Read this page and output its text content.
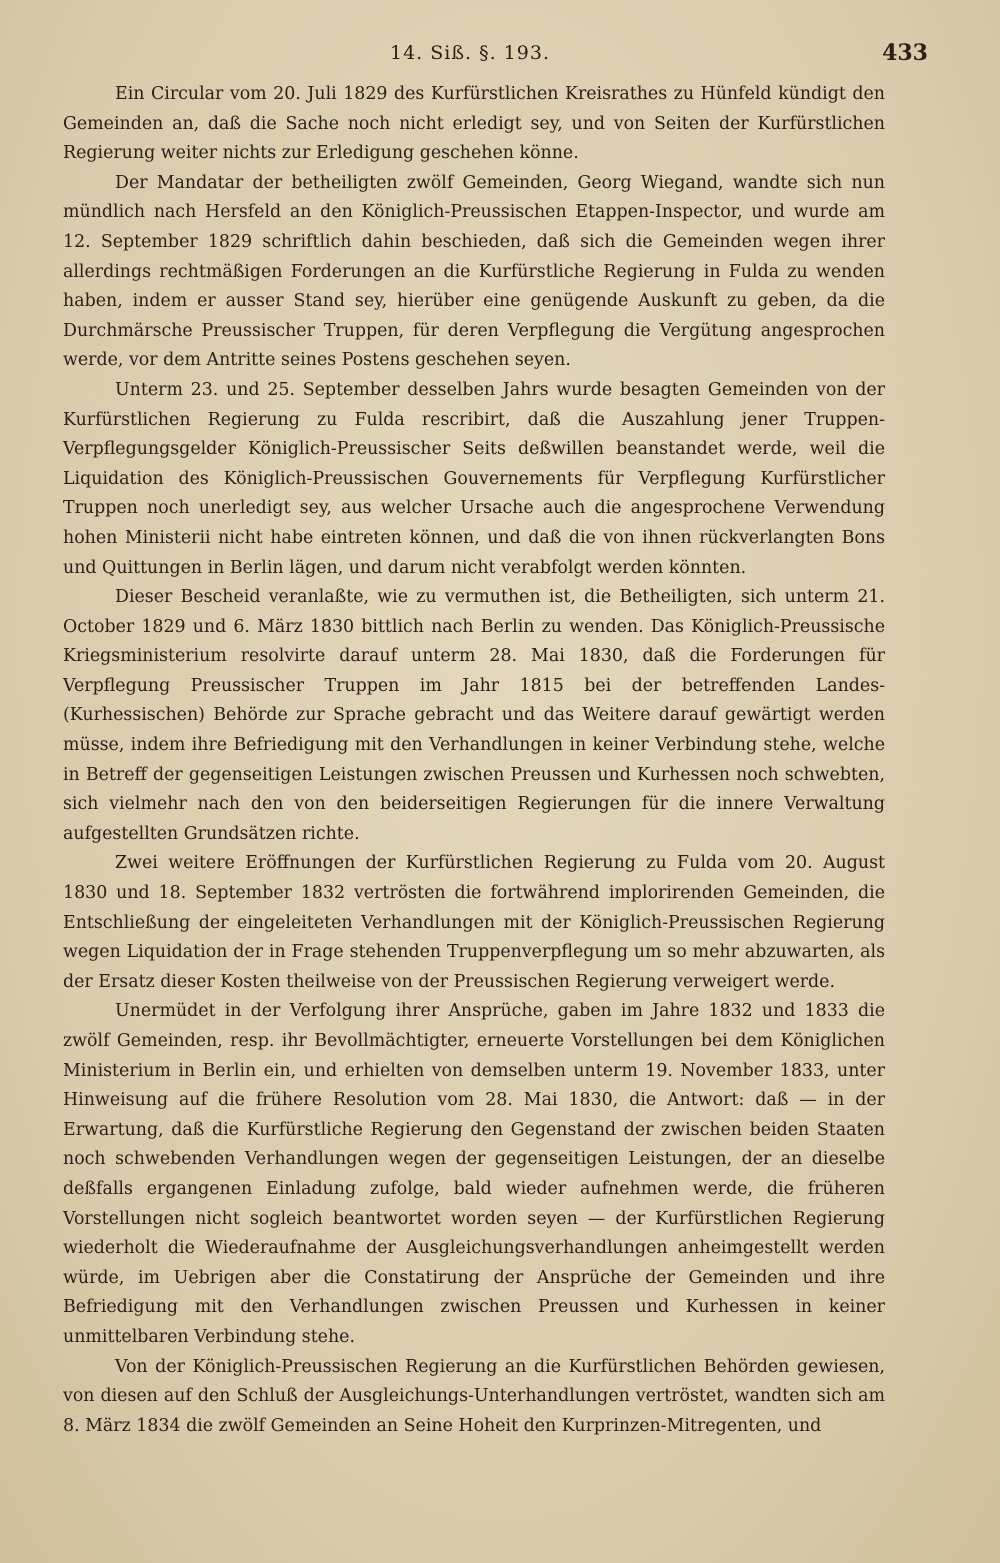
14. Siß. §. 193.	433

Ein Circular vom 20. Juli 1829 des Kurfürstlichen Kreisrathes zu Hünfeld kündigt den Gemeinden an, daß die Sache noch nicht erledigt sey, und von Seiten der Kurfürstlichen Regierung weiter nichts zur Erledigung geschehen könne.

Der Mandatar der betheiligten zwölf Gemeinden, Georg Wiegand, wandte sich nun mündlich nach Hersfeld an den Königlich-Preussischen Etappen-Inspector, und wurde am 12. September 1829 schriftlich dahin beschieden, daß sich die Gemeinden wegen ihrer allerdings rechtmäßigen Forderungen an die Kurfürstliche Regierung in Fulda zu wenden haben, indem er ausser Stand sey, hierüber eine genügende Auskunft zu geben, da die Durchmärsche Preussischer Truppen, für deren Verpflegung die Vergütung angesprochen werde, vor dem Antritte seines Postens geschehen seyen.

Unterm 23. und 25. September desselben Jahrs wurde besagten Gemeinden von der Kurfürstlichen Regierung zu Fulda rescribirt, daß die Auszahlung jener Truppen-Verpflegungsgelder Königlich-Preussischer Seits deßwillen beanstandet werde, weil die Liquidation des Königlich-Preussischen Gouvernements für Verpflegung Kurfürstlicher Truppen noch unerledigt sey, aus welcher Ursache auch die angesprochene Verwendung hohen Ministerii nicht habe eintreten können, und daß die von ihnen rückverlangten Bons und Quittungen in Berlin lägen, und darum nicht verabfolgt werden könnten.

Dieser Bescheid veranlaßte, wie zu vermuthen ist, die Betheiligten, sich unterm 21. October 1829 und 6. März 1830 bittlich nach Berlin zu wenden. Das Königlich-Preussische Kriegsministerium resolvirte darauf unterm 28. Mai 1830, daß die Forderungen für Verpflegung Preussischer Truppen im Jahr 1815 bei der betreffenden Landes- (Kurhessischen) Behörde zur Sprache gebracht und das Weitere darauf gewärtigt werden müsse, indem ihre Befriedigung mit den Verhandlungen in keiner Verbindung stehe, welche in Betreff der gegenseitigen Leistungen zwischen Preussen und Kurhessen noch schwebten, sich vielmehr nach den von den beiderseitigen Regierungen für die innere Verwaltung aufgestellten Grundsätzen richte.

Zwei weitere Eröffnungen der Kurfürstlichen Regierung zu Fulda vom 20. August 1830 und 18. September 1832 vertrösten die fortwährend implorirenden Gemeinden, die Entschließung der eingeleiteten Verhandlungen mit der Königlich-Preussischen Regierung wegen Liquidation der in Frage stehenden Truppenverpflegung um so mehr abzuwarten, als der Ersatz dieser Kosten theilweise von der Preussischen Regierung verweigert werde.

Unermüdet in der Verfolgung ihrer Ansprüche, gaben im Jahre 1832 und 1833 die zwölf Gemeinden, resp. ihr Bevollmächtigter, erneuerte Vorstellungen bei dem Königlichen Ministerium in Berlin ein, und erhielten von demselben unterm 19. November 1833, unter Hinweisung auf die frühere Resolution vom 28. Mai 1830, die Antwort: daß — in der Erwartung, daß die Kurfürstliche Regierung den Gegenstand der zwischen beiden Staaten noch schwebenden Verhandlungen wegen der gegenseitigen Leistungen, der an dieselbe deßfalls ergangenen Einladung zufolge, bald wieder aufnehmen werde, die früheren Vorstellungen nicht sogleich beantwortet worden seyen — der Kurfürstlichen Regierung wiederholt die Wiederaufnahme der Ausgleichungsverhandlungen anheimgestellt werden würde, im Uebrigen aber die Constatirung der Ansprüche der Gemeinden und ihre Befriedigung mit den Verhandlungen zwischen Preussen und Kurhessen in keiner unmittelbaren Verbindung stehe.

Von der Königlich-Preussischen Regierung an die Kurfürstlichen Behörden gewiesen, von diesen auf den Schluß der Ausgleichungs-Unterhandlungen vertröstet, wandten sich am 8. März 1834 die zwölf Gemeinden an Seine Hoheit den Kurprinzen-Mitregenten, und
